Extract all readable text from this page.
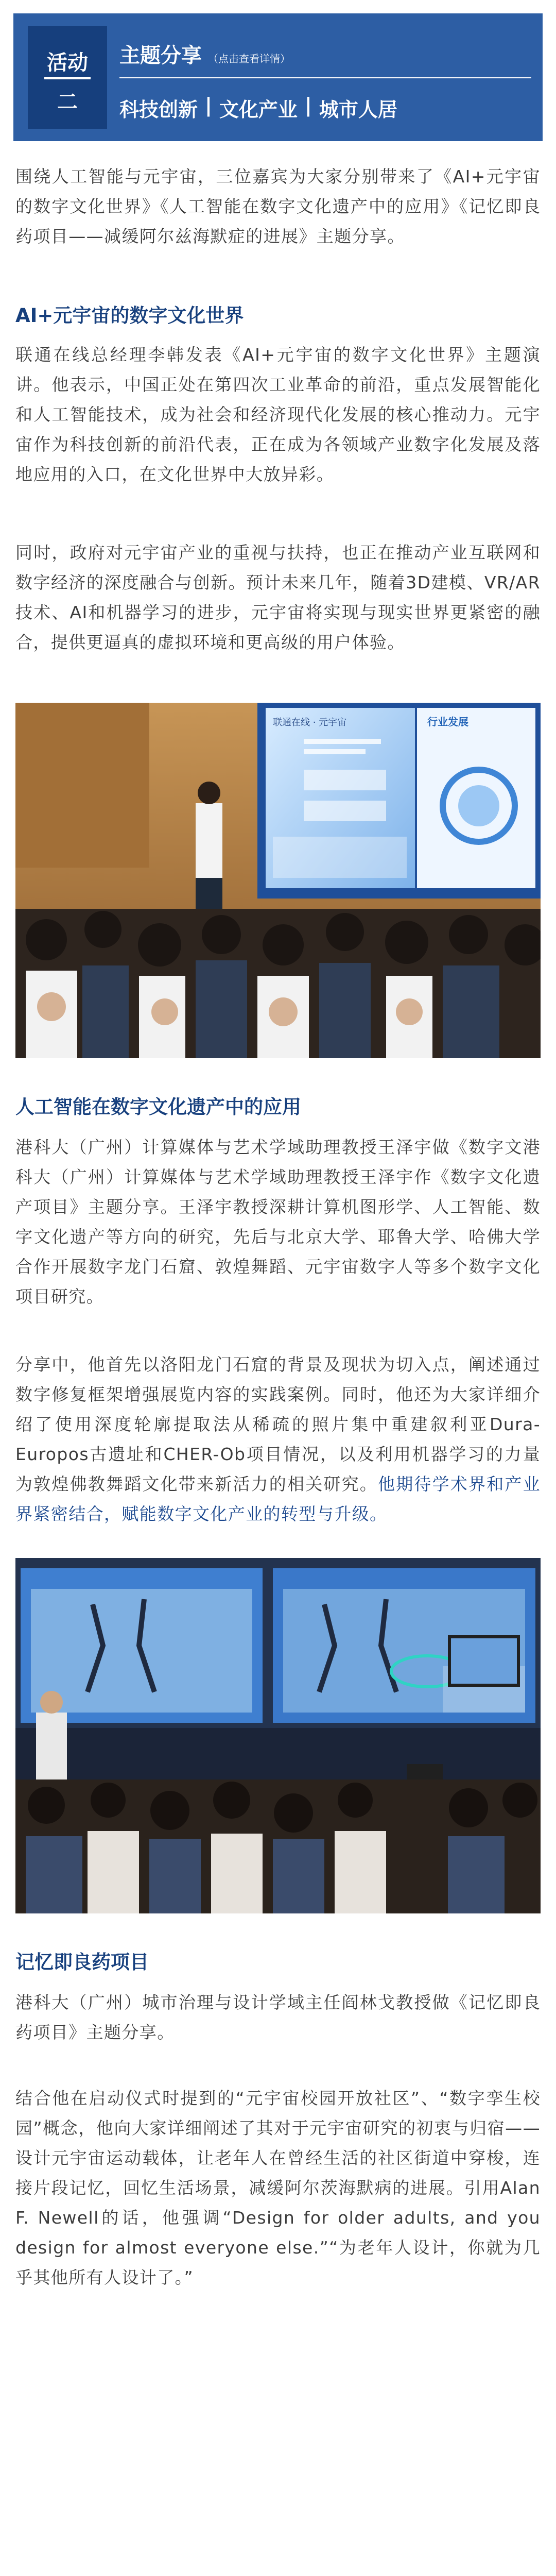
活动
二
主题分享 （点击查看详情）
科技创新 | 文化产业 | 城市人居

围绕人工智能与元宇宙，三位嘉宾为大家分别带来了《AI+元宇宙的数字文化世界》《人工智能在数字文化遗产中的应用》《记忆即良药项目——减缓阿尔兹海默症的进展》主题分享。

AI+元宇宙的数字文化世界

联通在线总经理李韩发表《AI+元宇宙的数字文化世界》主题演讲。他表示，中国正处在第四次工业革命的前沿，重点发展智能化和人工智能技术，成为社会和经济现代化发展的核心推动力。元宇宙作为科技创新的前沿代表，正在成为各领域产业数字化发展及落地应用的入口，在文化世界中大放异彩。

同时，政府对元宇宙产业的重视与扶持，也正在推动产业互联网和数字经济的深度融合与创新。预计未来几年，随着3D建模、VR/AR技术、AI和机器学习的进步，元宇宙将实现与现实世界更紧密的融合，提供更逼真的虚拟环境和更高级的用户体验。

联通在线 · 元宇宙	行业发展
人工智能在数字文化遗产中的应用

港科大（广州）计算媒体与艺术学域助理教授王泽宇做《数字文港科大（广州）计算媒体与艺术学域助理教授王泽宇作《数字文化遗产项目》主题分享。王泽宇教授深耕计算机图形学、人工智能、数字文化遗产等方向的研究，先后与北京大学、耶鲁大学、哈佛大学合作开展数字龙门石窟、敦煌舞蹈、元宇宙数字人等多个数字文化项目研究。

分享中，他首先以洛阳龙门石窟的背景及现状为切入点，阐述通过数字修复框架增强展览内容的实践案例。同时，他还为大家详细介绍了使用深度轮廓提取法从稀疏的照片集中重建叙利亚Dura-Europos古遗址和CHER-Ob项目情况，以及利用机器学习的力量为敦煌佛教舞蹈文化带来新活力的相关研究。他期待学术界和产业界紧密结合，赋能数字文化产业的转型与升级。

记忆即良药项目

港科大（广州）城市治理与设计学域主任阎林戈教授做《记忆即良药项目》主题分享。

结合他在启动仪式时提到的“元宇宙校园开放社区”、“数字孪生校园”概念，他向大家详细阐述了其对于元宇宙研究的初衷与归宿——设计元宇宙运动载体，让老年人在曾经生活的社区街道中穿梭，连接片段记忆，回忆生活场景，减缓阿尔茨海默病的进展。引用Alan F. Newell的话，他强调“Design for older adults, and you design for almost everyone else.”“为老年人设计，你就为几乎其他所有人设计了。”
